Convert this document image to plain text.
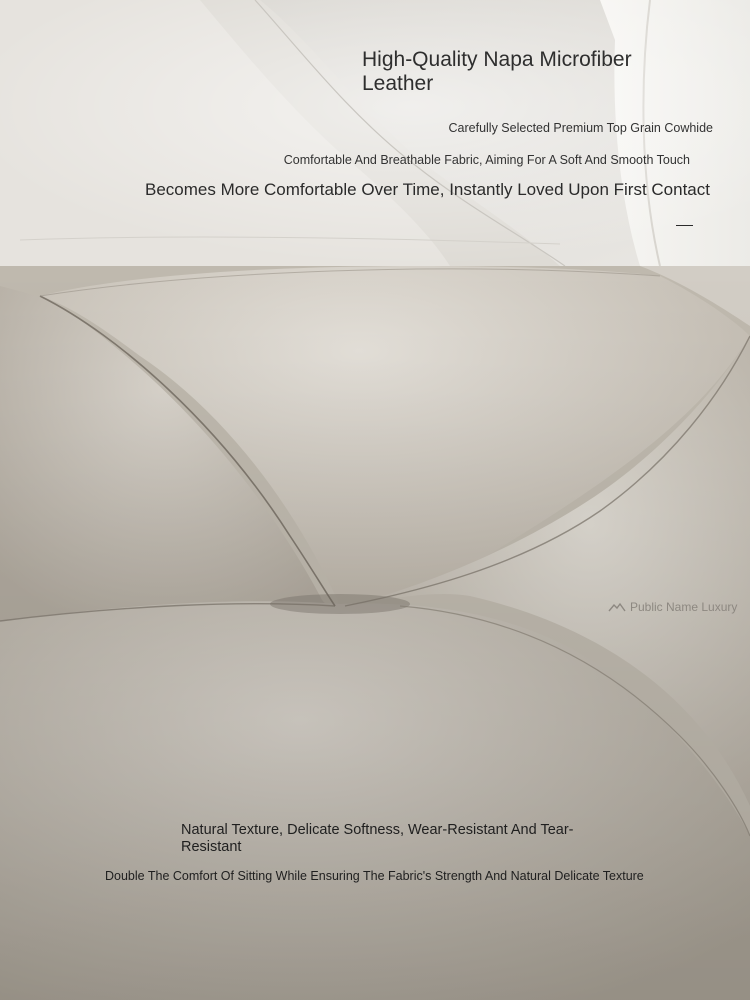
High-Quality Napa Microfiber Leather

Carefully Selected Premium Top Grain Cowhide

Comfortable And Breathable Fabric, Aiming For A Soft And Smooth Touch

Becomes More Comfortable Over Time, Instantly Loved Upon First Contact

Public Name Luxury
Natural Texture, Delicate Softness, Wear-Resistant And Tear-Resistant

Double The Comfort Of Sitting While Ensuring The Fabric's Strength And Natural Delicate Texture
